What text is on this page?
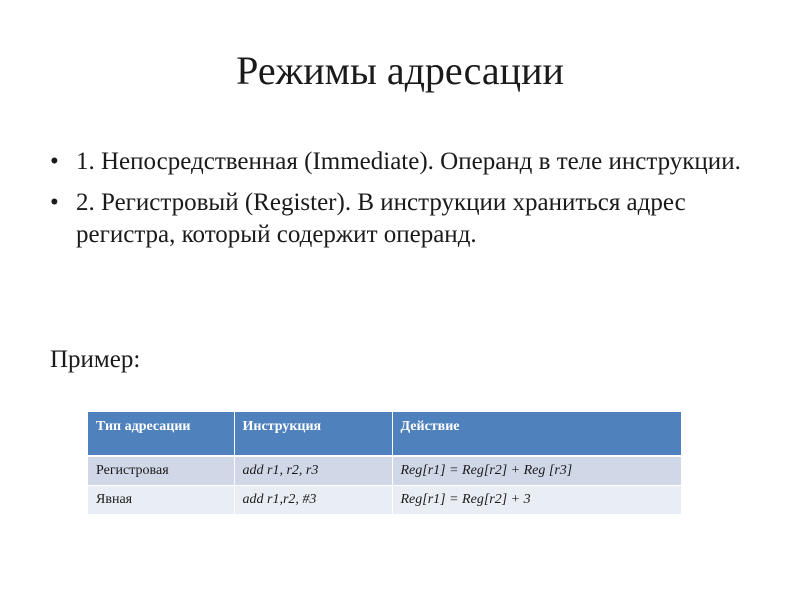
Режимы адресации
• 1. Непосредственная (Immediate). Операнд в теле инструкции.
• 2. Регистровый (Register). В инструкции храниться адрес регистра, который содержит операнд.
Пример:
Тип адресации	Инструкция	Действие
Регистровая	add r1, r2, r3	Reg[r1] = Reg[r2] + Reg [r3]
Явная	add r1,r2, #3	Reg[r1] = Reg[r2] + 3
